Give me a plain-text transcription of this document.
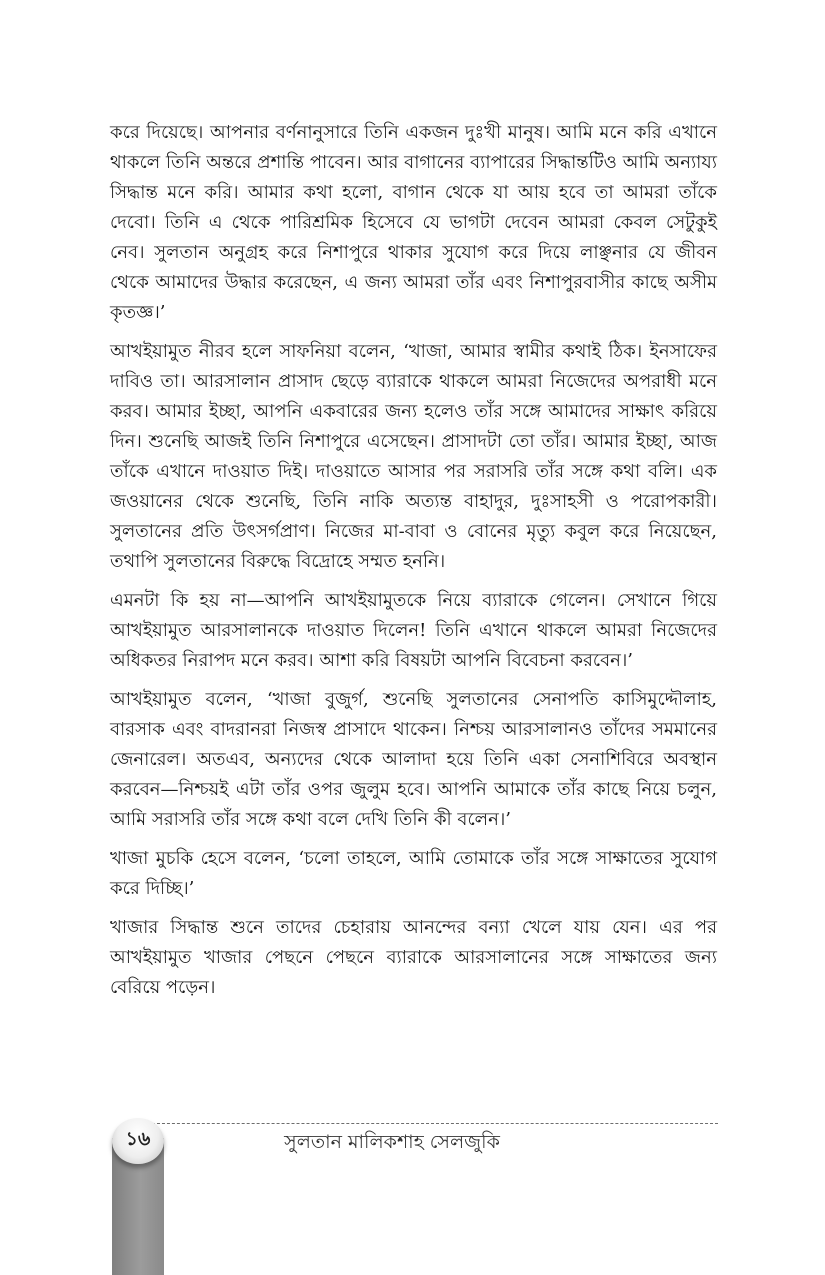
করে দিয়েছে। আপনার বর্ণনানুসারে তিনি একজন দুঃখী মানুষ। আমি মনে করি এখানে থাকলে তিনি অন্তরে প্রশান্তি পাবেন। আর বাগানের ব্যাপারের সিদ্ধান্তটিও আমি অন্যায্য সিদ্ধান্ত মনে করি। আমার কথা হলো, বাগান থেকে যা আয় হবে তা আমরা তাঁকে দেবো। তিনি এ থেকে পারিশ্রমিক হিসেবে যে ভাগটা দেবেন আমরা কেবল সেটুকুই নেব। সুলতান অনুগ্রহ করে নিশাপুরে থাকার সুযোগ করে দিয়ে লাঞ্ছনার যে জীবন থেকে আমাদের উদ্ধার করেছেন, এ জন্য আমরা তাঁর এবং নিশাপুরবাসীর কাছে অসীম কৃতজ্ঞ।’

আখইয়ামুত নীরব হলে সাফনিয়া বলেন, ‘খাজা, আমার স্বামীর কথাই ঠিক। ইনসাফের দাবিও তা। আরসালান প্রাসাদ ছেড়ে ব্যারাকে থাকলে আমরা নিজেদের অপরাধী মনে করব। আমার ইচ্ছা, আপনি একবারের জন্য হলেও তাঁর সঙ্গে আমাদের সাক্ষাৎ করিয়ে দিন। শুনেছি আজই তিনি নিশাপুরে এসেছেন। প্রাসাদটা তো তাঁর। আমার ইচ্ছা, আজ তাঁকে এখানে দাওয়াত দিই। দাওয়াতে আসার পর সরাসরি তাঁর সঙ্গে কথা বলি। এক জওয়ানের থেকে শুনেছি, তিনি নাকি অত্যন্ত বাহাদুর, দুঃসাহসী ও পরোপকারী। সুলতানের প্রতি উৎসর্গপ্রাণ। নিজের মা-বাবা ও বোনের মৃত্যু কবুল করে নিয়েছেন, তথাপি সুলতানের বিরুদ্ধে বিদ্রোহে সম্মত হননি।

এমনটা কি হয় না—আপনি আখইয়ামুতকে নিয়ে ব্যারাকে গেলেন। সেখানে গিয়ে আখইয়ামুত আরসালানকে দাওয়াত দিলেন! তিনি এখানে থাকলে আমরা নিজেদের অধিকতর নিরাপদ মনে করব। আশা করি বিষয়টা আপনি বিবেচনা করবেন।’

আখইয়ামুত বলেন, ‘খাজা বুজুর্গ, শুনেছি সুলতানের সেনাপতি কাসিমুদ্দৌলাহ, বারসাক এবং বাদরানরা নিজস্ব প্রাসাদে থাকেন। নিশ্চয় আরসালানও তাঁদের সমমানের জেনারেল। অতএব, অন্যদের থেকে আলাদা হয়ে তিনি একা সেনাশিবিরে অবস্থান করবেন—নিশ্চয়ই এটা তাঁর ওপর জুলুম হবে। আপনি আমাকে তাঁর কাছে নিয়ে চলুন, আমি সরাসরি তাঁর সঙ্গে কথা বলে দেখি তিনি কী বলেন।’

খাজা মুচকি হেসে বলেন, ‘চলো তাহলে, আমি তোমাকে তাঁর সঙ্গে সাক্ষাতের সুযোগ করে দিচ্ছি।’

খাজার সিদ্ধান্ত শুনে তাদের চেহারায় আনন্দের বন্যা খেলে যায় যেন। এর পর আখইয়ামুত খাজার পেছনে পেছনে ব্যারাকে আরসালানের সঙ্গে সাক্ষাতের জন্য বেরিয়ে পড়েন।

১৬	সুলতান মালিকশাহ সেলজুকি
